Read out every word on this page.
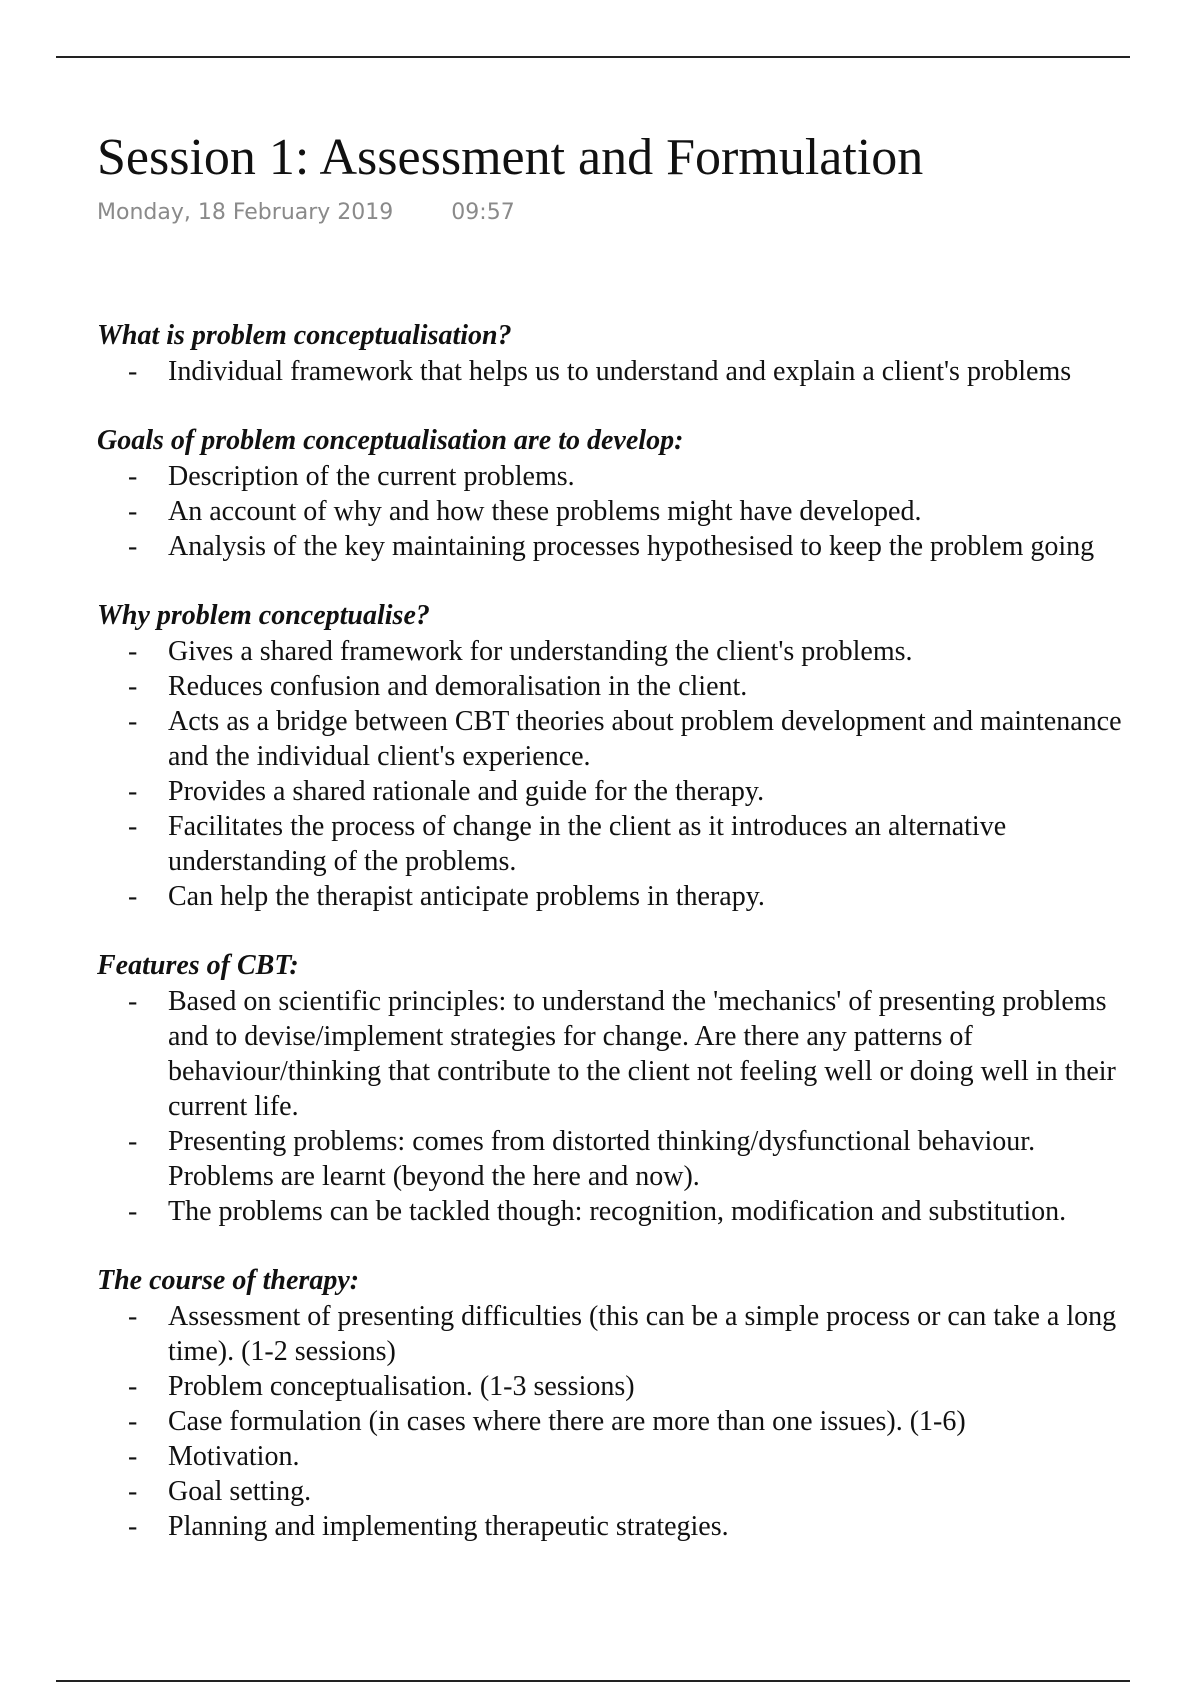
Session 1: Assessment and Formulation
Monday, 18 February 2019	09:57
What is problem conceptualisation?
- Individual framework that helps us to understand and explain a client's problems
Goals of problem conceptualisation are to develop:
- Description of the current problems.
- An account of why and how these problems might have developed.
- Analysis of the key maintaining processes hypothesised to keep the problem going
Why problem conceptualise?
- Gives a shared framework for understanding the client's problems.
- Reduces confusion and demoralisation in the client.
- Acts as a bridge between CBT theories about problem development and maintenance
and the individual client's experience.
- Provides a shared rationale and guide for the therapy.
- Facilitates the process of change in the client as it introduces an alternative
understanding of the problems.
- Can help the therapist anticipate problems in therapy.
Features of CBT:
- Based on scientific principles: to understand the 'mechanics' of presenting problems
and to devise/implement strategies for change. Are there any patterns of
behaviour/thinking that contribute to the client not feeling well or doing well in their
current life.
- Presenting problems: comes from distorted thinking/dysfunctional behaviour.
Problems are learnt (beyond the here and now).
- The problems can be tackled though: recognition, modification and substitution.
The course of therapy:
- Assessment of presenting difficulties (this can be a simple process or can take a long
time). (1-2 sessions)
- Problem conceptualisation. (1-3 sessions)
- Case formulation (in cases where there are more than one issues). (1-6)
- Motivation.
- Goal setting.
- Planning and implementing therapeutic strategies.
